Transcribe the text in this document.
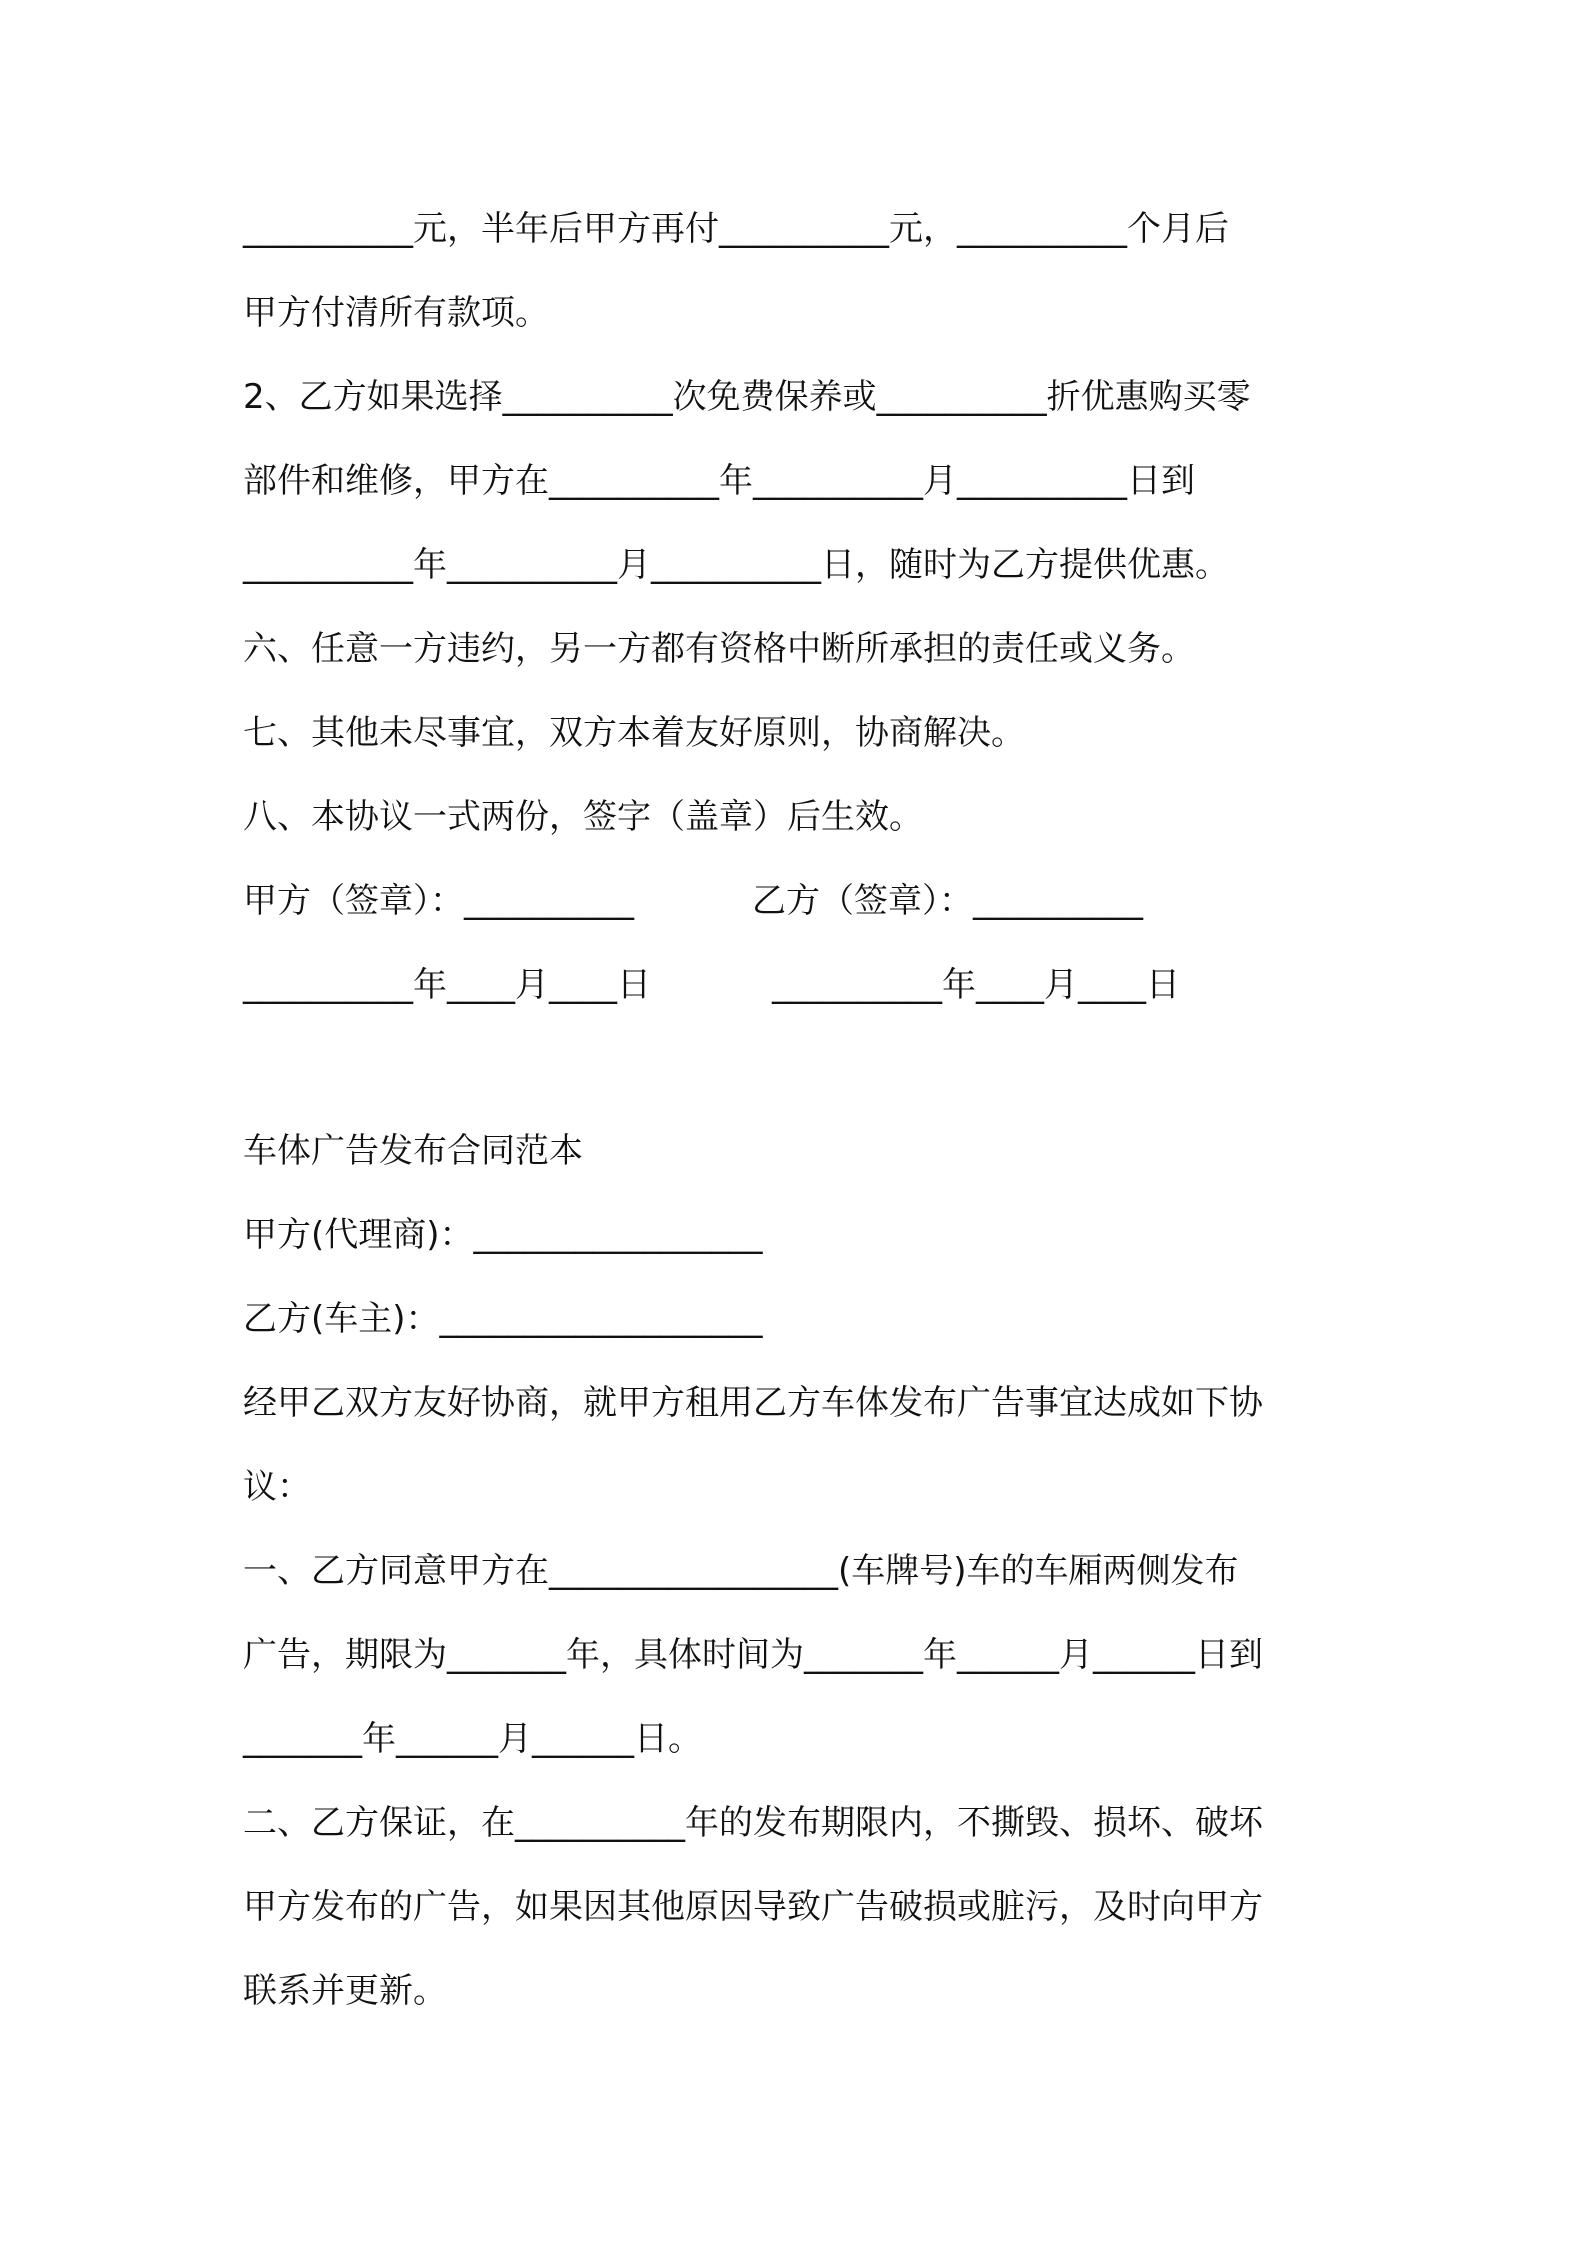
__________元，半年后甲方再付__________元，__________个月后
甲方付清所有款项。
2、乙方如果选择__________次免费保养或__________折优惠购买零
部件和维修，甲方在__________年__________月__________日到
__________年__________月__________日，随时为乙方提供优惠。
六、任意一方违约，另一方都有资格中断所承担的责任或义务。
七、其他未尽事宜，双方本着友好原则，协商解决。
八、本协议一式两份，签字（盖章）后生效。
甲方（签章）：__________	乙方（签章）：__________
__________年____月____日	__________年____月____日
车体广告发布合同范本
甲方(代理商)：_________________
乙方(车主)：___________________
经甲乙双方友好协商，就甲方租用乙方车体发布广告事宜达成如下协
议：
一、乙方同意甲方在_________________(车牌号)车的车厢两侧发布
广告，期限为_______年，具体时间为_______年______月______日到
_______年______月______日。
二、乙方保证，在__________年的发布期限内，不撕毁、损坏、破坏
甲方发布的广告，如果因其他原因导致广告破损或脏污，及时向甲方
联系并更新。
